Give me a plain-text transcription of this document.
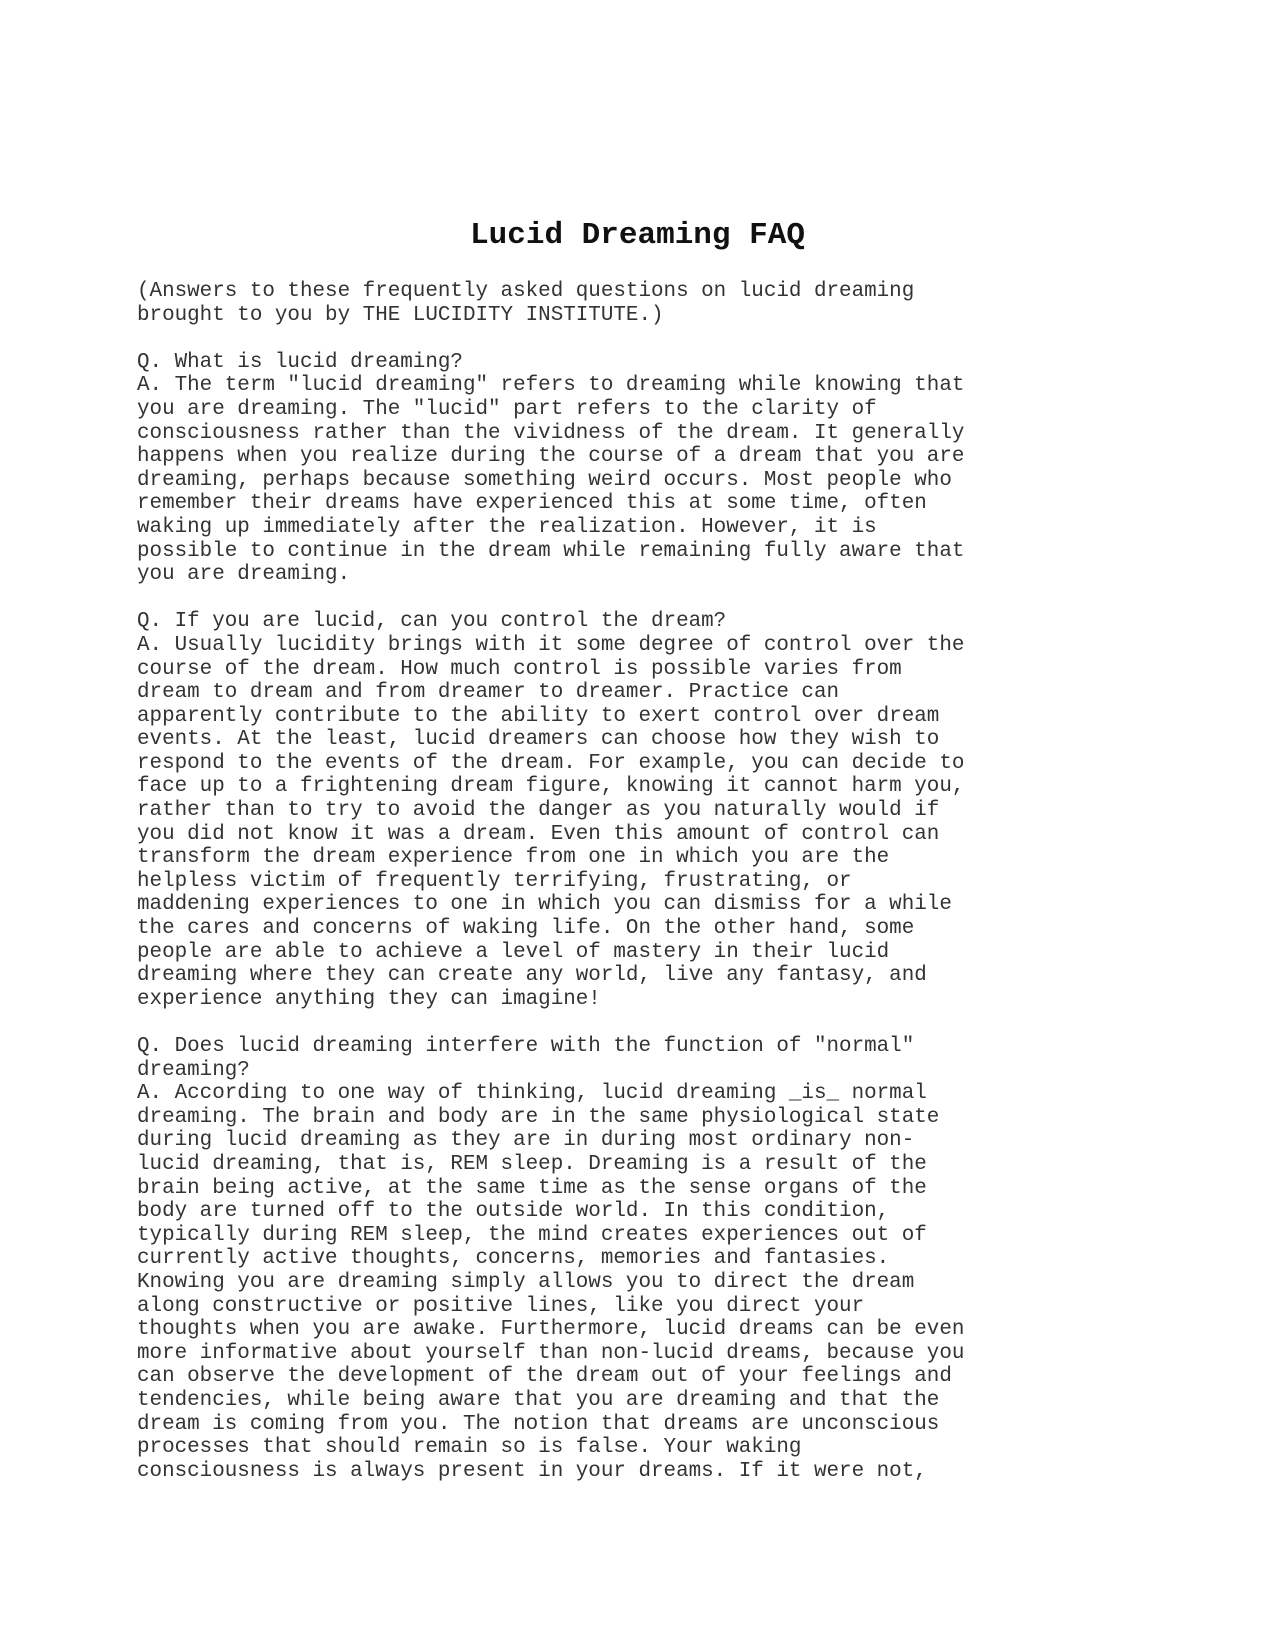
Lucid Dreaming FAQ
(Answers to these frequently asked questions on lucid dreaming
brought to you by THE LUCIDITY INSTITUTE.)
Q. What is lucid dreaming?
A. The term "lucid dreaming" refers to dreaming while knowing that
you are dreaming. The "lucid" part refers to the clarity of
consciousness rather than the vividness of the dream. It generally
happens when you realize during the course of a dream that you are
dreaming, perhaps because something weird occurs. Most people who
remember their dreams have experienced this at some time, often
waking up immediately after the realization. However, it is
possible to continue in the dream while remaining fully aware that
you are dreaming.
Q. If you are lucid, can you control the dream?
A. Usually lucidity brings with it some degree of control over the
course of the dream. How much control is possible varies from
dream to dream and from dreamer to dreamer. Practice can
apparently contribute to the ability to exert control over dream
events. At the least, lucid dreamers can choose how they wish to
respond to the events of the dream. For example, you can decide to
face up to a frightening dream figure, knowing it cannot harm you,
rather than to try to avoid the danger as you naturally would if
you did not know it was a dream. Even this amount of control can
transform the dream experience from one in which you are the
helpless victim of frequently terrifying, frustrating, or
maddening experiences to one in which you can dismiss for a while
the cares and concerns of waking life. On the other hand, some
people are able to achieve a level of mastery in their lucid
dreaming where they can create any world, live any fantasy, and
experience anything they can imagine!
Q. Does lucid dreaming interfere with the function of "normal"
dreaming?
A. According to one way of thinking, lucid dreaming _is_ normal
dreaming. The brain and body are in the same physiological state
during lucid dreaming as they are in during most ordinary non-
lucid dreaming, that is, REM sleep. Dreaming is a result of the
brain being active, at the same time as the sense organs of the
body are turned off to the outside world. In this condition,
typically during REM sleep, the mind creates experiences out of
currently active thoughts, concerns, memories and fantasies.
Knowing you are dreaming simply allows you to direct the dream
along constructive or positive lines, like you direct your
thoughts when you are awake. Furthermore, lucid dreams can be even
more informative about yourself than non-lucid dreams, because you
can observe the development of the dream out of your feelings and
tendencies, while being aware that you are dreaming and that the
dream is coming from you. The notion that dreams are unconscious
processes that should remain so is false. Your waking
consciousness is always present in your dreams. If it were not,
